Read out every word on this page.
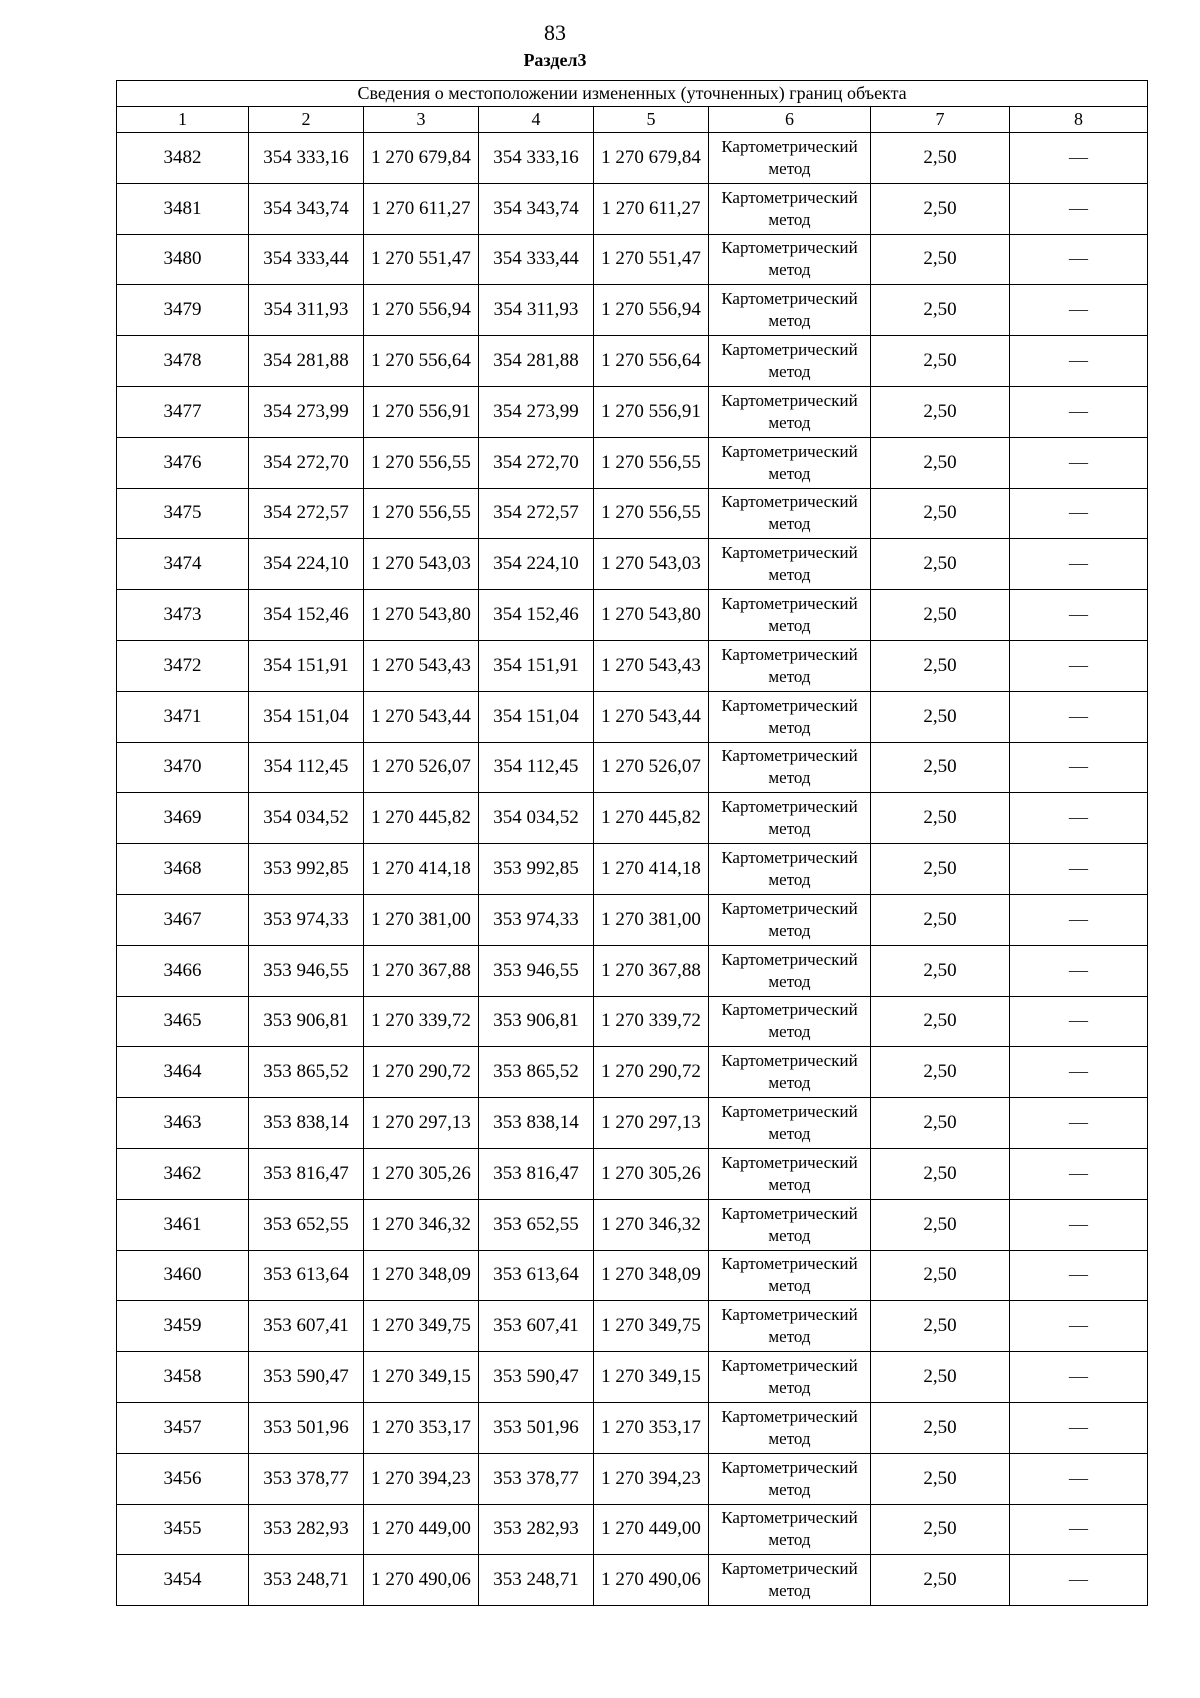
83
Раздел3
Сведения о местоположении измененных (уточненных) границ объекта							
1	2	3	4	5	6	7	8
3482	354 333,16	1 270 679,84	354 333,16	1 270 679,84	Картометрический метод	2,50	—
3481	354 343,74	1 270 611,27	354 343,74	1 270 611,27	Картометрический метод	2,50	—
3480	354 333,44	1 270 551,47	354 333,44	1 270 551,47	Картометрический метод	2,50	—
3479	354 311,93	1 270 556,94	354 311,93	1 270 556,94	Картометрический метод	2,50	—
3478	354 281,88	1 270 556,64	354 281,88	1 270 556,64	Картометрический метод	2,50	—
3477	354 273,99	1 270 556,91	354 273,99	1 270 556,91	Картометрический метод	2,50	—
3476	354 272,70	1 270 556,55	354 272,70	1 270 556,55	Картометрический метод	2,50	—
3475	354 272,57	1 270 556,55	354 272,57	1 270 556,55	Картометрический метод	2,50	—
3474	354 224,10	1 270 543,03	354 224,10	1 270 543,03	Картометрический метод	2,50	—
3473	354 152,46	1 270 543,80	354 152,46	1 270 543,80	Картометрический метод	2,50	—
3472	354 151,91	1 270 543,43	354 151,91	1 270 543,43	Картометрический метод	2,50	—
3471	354 151,04	1 270 543,44	354 151,04	1 270 543,44	Картометрический метод	2,50	—
3470	354 112,45	1 270 526,07	354 112,45	1 270 526,07	Картометрический метод	2,50	—
3469	354 034,52	1 270 445,82	354 034,52	1 270 445,82	Картометрический метод	2,50	—
3468	353 992,85	1 270 414,18	353 992,85	1 270 414,18	Картометрический метод	2,50	—
3467	353 974,33	1 270 381,00	353 974,33	1 270 381,00	Картометрический метод	2,50	—
3466	353 946,55	1 270 367,88	353 946,55	1 270 367,88	Картометрический метод	2,50	—
3465	353 906,81	1 270 339,72	353 906,81	1 270 339,72	Картометрический метод	2,50	—
3464	353 865,52	1 270 290,72	353 865,52	1 270 290,72	Картометрический метод	2,50	—
3463	353 838,14	1 270 297,13	353 838,14	1 270 297,13	Картометрический метод	2,50	—
3462	353 816,47	1 270 305,26	353 816,47	1 270 305,26	Картометрический метод	2,50	—
3461	353 652,55	1 270 346,32	353 652,55	1 270 346,32	Картометрический метод	2,50	—
3460	353 613,64	1 270 348,09	353 613,64	1 270 348,09	Картометрический метод	2,50	—
3459	353 607,41	1 270 349,75	353 607,41	1 270 349,75	Картометрический метод	2,50	—
3458	353 590,47	1 270 349,15	353 590,47	1 270 349,15	Картометрический метод	2,50	—
3457	353 501,96	1 270 353,17	353 501,96	1 270 353,17	Картометрический метод	2,50	—
3456	353 378,77	1 270 394,23	353 378,77	1 270 394,23	Картометрический метод	2,50	—
3455	353 282,93	1 270 449,00	353 282,93	1 270 449,00	Картометрический метод	2,50	—
3454	353 248,71	1 270 490,06	353 248,71	1 270 490,06	Картометрический метод	2,50	—
